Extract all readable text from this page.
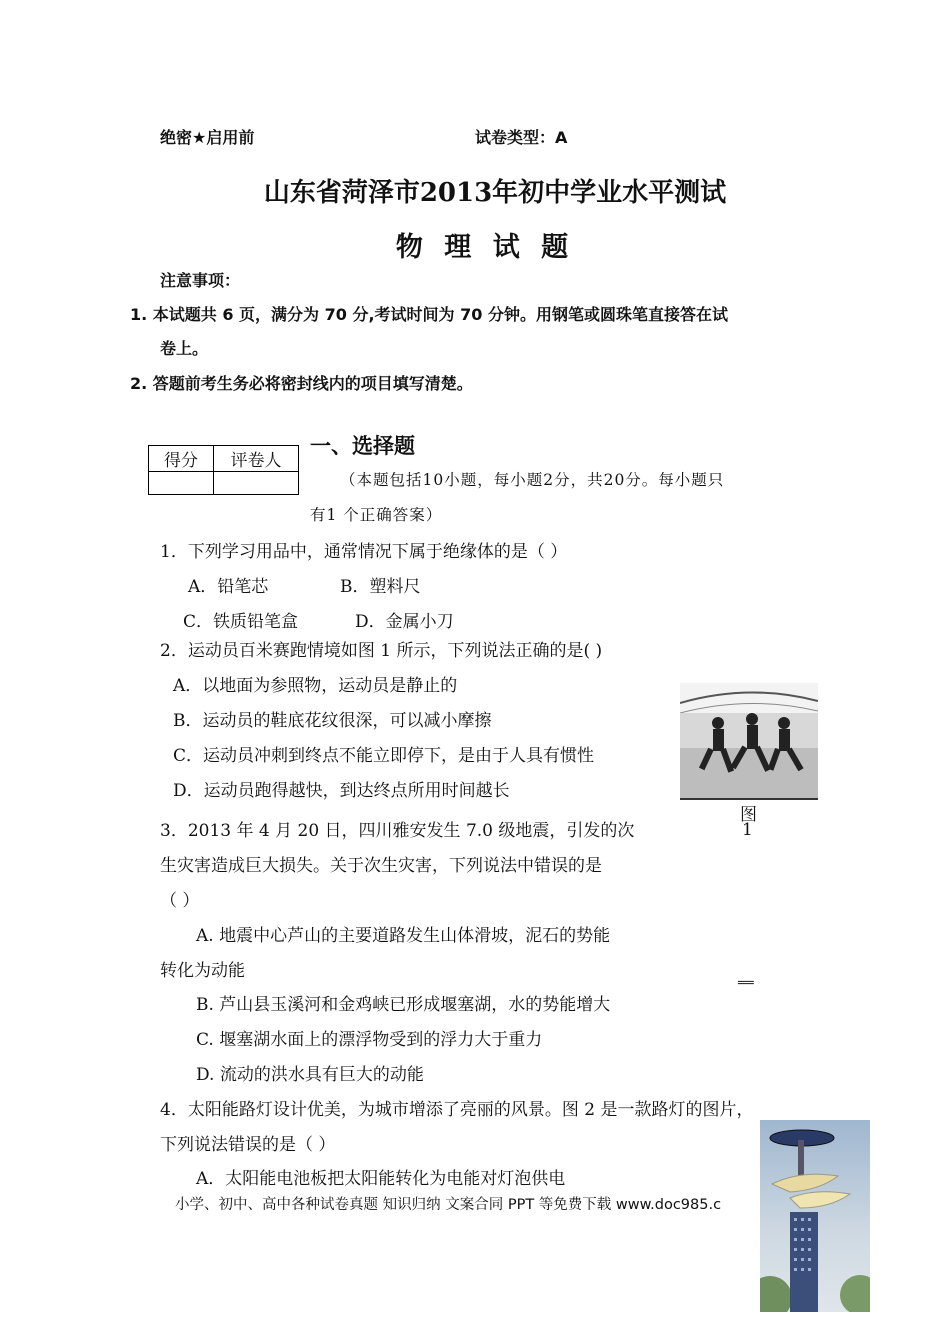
绝密★启用前	试卷类型：A
山东省菏泽市2013年初中学业水平测试
物 理 试 题
注意事项：
1. 本试题共 6 页，满分为 70 分,考试时间为 70 分钟。用钢笔或圆珠笔直接答在试
卷上。
2. 答题前考生务必将密封线内的项目填写清楚。
得分	评卷人

一、选择题
（本题包括10小题，每小题2分，共20分。每小题只
有1 个正确答案）
1．下列学习用品中，通常情况下属于绝缘体的是（ ）
A．铅笔芯	B．塑料尺
C．铁质铅笔盒	D．金属小刀
2．运动员百米赛跑情境如图 1 所示，下列说法正确的是( )
A．以地面为参照物，运动员是静止的
B．运动员的鞋底花纹很深，可以减小摩擦
C．运动员冲刺到终点不能立即停下，是由于人具有惯性
D．运动员跑得越快，到达终点所用时间越长
图
1
3．2013 年 4 月 20 日，四川雅安发生 7.0 级地震，引发的次
生灾害造成巨大损失。关于次生灾害，下列说法中错误的是
（ ）
A. 地震中心芦山的主要道路发生山体滑坡，泥石的势能
转化为动能
B. 芦山县玉溪河和金鸡峡已形成堰塞湖，水的势能增大
C. 堰塞湖水面上的漂浮物受到的浮力大于重力
D. 流动的洪水具有巨大的动能
══
4．太阳能路灯设计优美，为城市增添了亮丽的风景。图 2 是一款路灯的图片，
下列说法错误的是（ ）
A．太阳能电池板把太阳能转化为电能对灯泡供电
小学、初中、高中各种试卷真题 知识归纳 文案合同 PPT 等免费下载 www.doc985.c
